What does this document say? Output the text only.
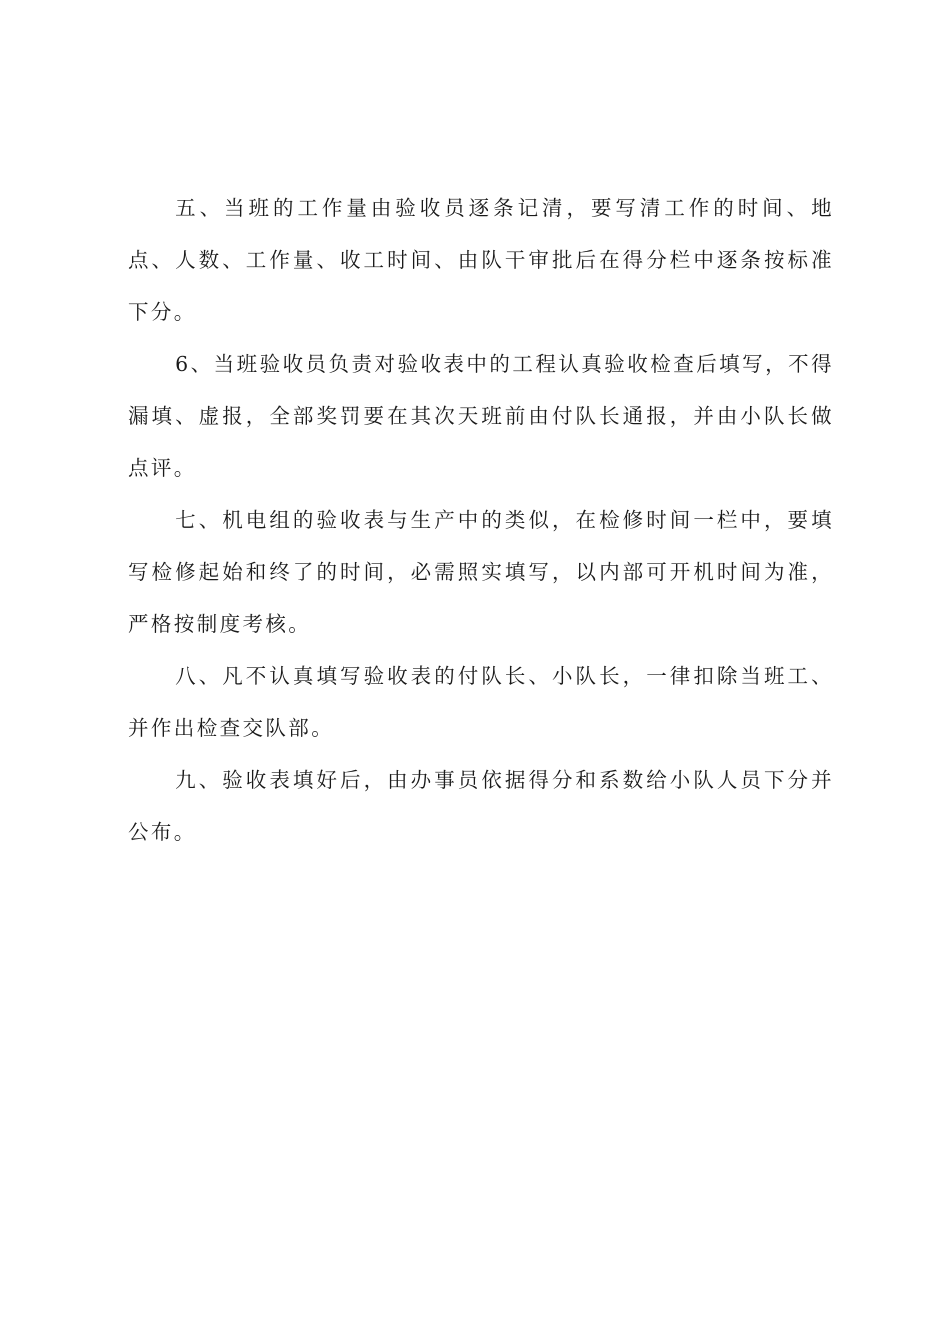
五、当班的工作量由验收员逐条记清，要写清工作的时间、地点、人数、工作量、收工时间、由队干审批后在得分栏中逐条按标准下分。

6、当班验收员负责对验收表中的工程认真验收检查后填写，不得漏填、虚报，全部奖罚要在其次天班前由付队长通报，并由小队长做点评。

七、机电组的验收表与生产中的类似，在检修时间一栏中，要填写检修起始和终了的时间，必需照实填写，以内部可开机时间为准，严格按制度考核。

八、凡不认真填写验收表的付队长、小队长，一律扣除当班工、并作出检查交队部。

九、验收表填好后，由办事员依据得分和系数给小队人员下分并公布。
